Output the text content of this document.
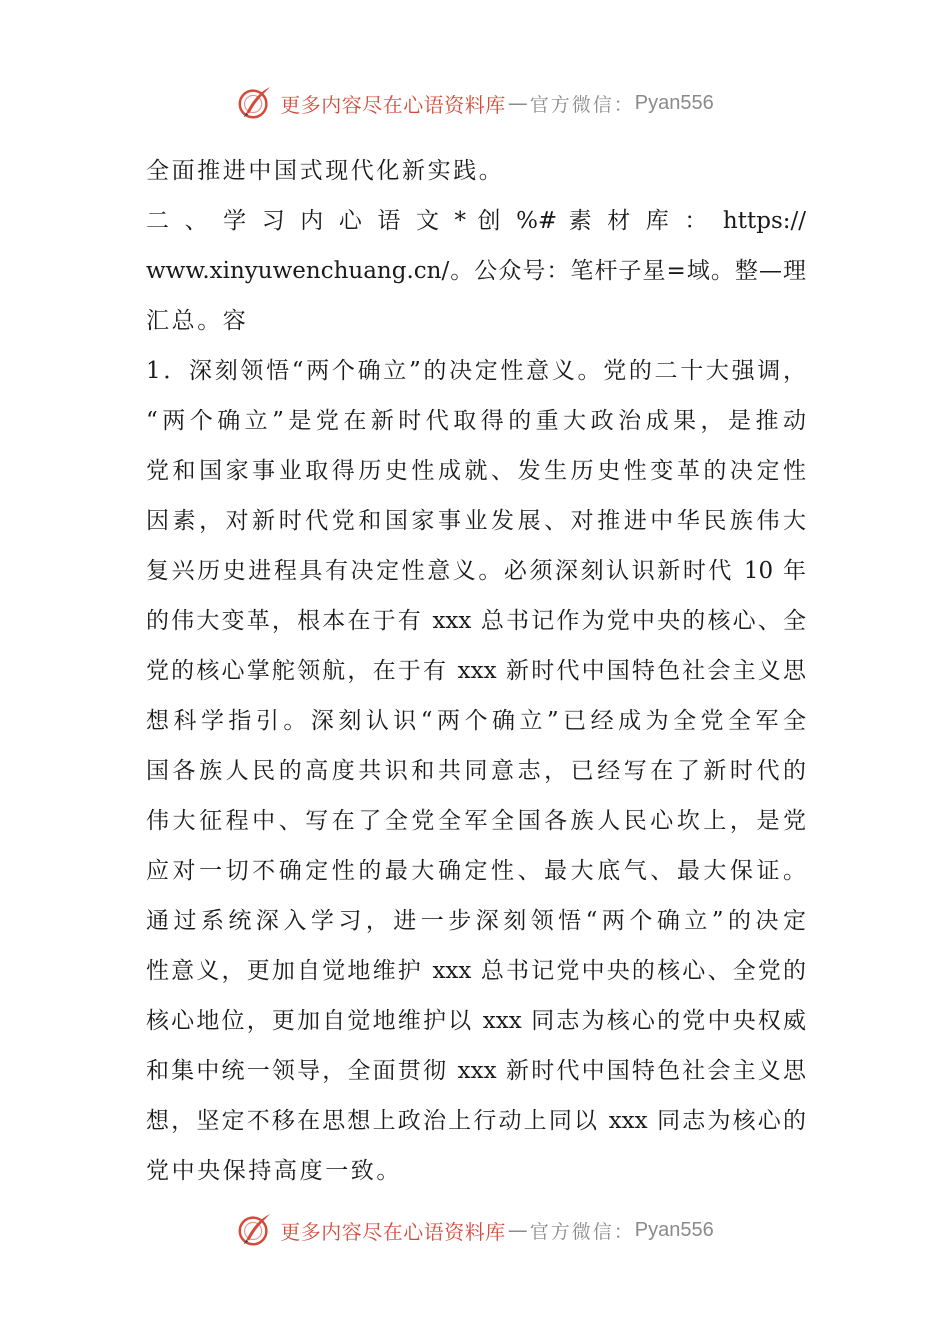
更多内容尽在心语资料库 — 官方微信： Pyan556
全面推进中国式现代化新实践。
二 、 学 习 内 心 语 文 * 创 %# 素 材 库 ： https://
www.xinyuwenchuang.cn/。公众号：笔杆子星=域。整—理
汇总。容
1．深刻领悟“两个确立”的决定性意义。党的二十大强调，
“两个确立”是党在新时代取得的重大政治成果，是推动
党和国家事业取得历史性成就、发生历史性变革的决定性
因素，对新时代党和国家事业发展、对推进中华民族伟大
复兴历史进程具有决定性意义。必须深刻认识新时代 10 年
的伟大变革，根本在于有 xxx 总书记作为党中央的核心、全
党的核心掌舵领航，在于有 xxx 新时代中国特色社会主义思
想科学指引。深刻认识“两个确立”已经成为全党全军全
国各族人民的高度共识和共同意志，已经写在了新时代的
伟大征程中、写在了全党全军全国各族人民心坎上，是党
应对一切不确定性的最大确定性、最大底气、最大保证。
通过系统深入学习，进一步深刻领悟“两个确立”的决定
性意义，更加自觉地维护 xxx 总书记党中央的核心、全党的
核心地位，更加自觉地维护以 xxx 同志为核心的党中央权威
和集中统一领导，全面贯彻 xxx 新时代中国特色社会主义思
想，坚定不移在思想上政治上行动上同以 xxx 同志为核心的
党中央保持高度一致。
更多内容尽在心语资料库 — 官方微信： Pyan556
